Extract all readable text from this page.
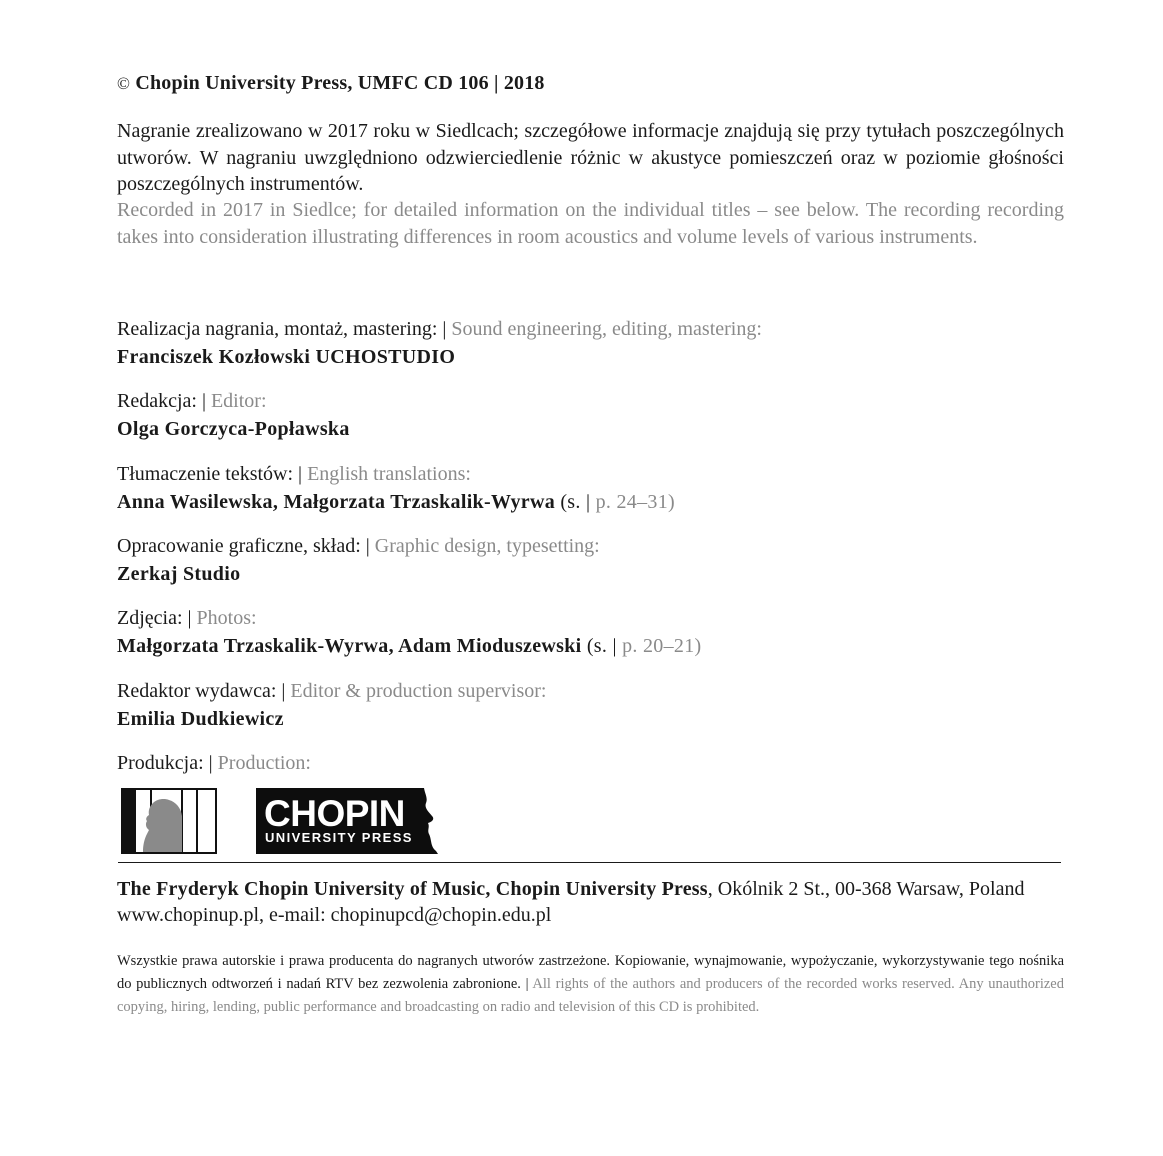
© Chopin University Press, UMFC CD 106 | 2018
Nagranie zrealizowano w 2017 roku w Siedlcach; szczegółowe informacje znajdują się przy tytułach poszczególnych utworów. W nagraniu uwzględniono odzwierciedlenie różnic w akustyce pomieszczeń oraz w poziomie głośności poszczególnych instrumentów.
Recorded in 2017 in Siedlce; for detailed information on the individual titles – see below. The recording recording takes into consideration illustrating differences in room acoustics and volume levels of various instruments.
Realizacja nagrania, montaż, mastering: | Sound engineering, editing, mastering:
Franciszek Kozłowski UCHOSTUDIO
Redakcja: | Editor:
Olga Gorczyca-Popławska
Tłumaczenie tekstów: | English translations:
Anna Wasilewska, Małgorzata Trzaskalik-Wyrwa (s. | p. 24–31)
Opracowanie graficzne, skład: | Graphic design, typesetting:
Zerkaj Studio
Zdjęcia: | Photos:
Małgorzata Trzaskalik-Wyrwa, Adam Mioduszewski (s. | p. 20–21)
Redaktor wydawca: | Editor & production supervisor:
Emilia Dudkiewicz
Produkcja: | Production:
CHOPIN
UNIVERSITY PRESS
The Fryderyk Chopin University of Music, Chopin University Press, Okólnik 2 St., 00-368 Warsaw, Poland
www.chopinup.pl, e-mail: chopinupcd@chopin.edu.pl
Wszystkie prawa autorskie i prawa producenta do nagranych utworów zastrzeżone. Kopiowanie, wynajmowanie, wypożyczanie, wykorzystywanie tego nośnika do publicznych odtworzeń i nadań RTV bez zezwolenia zabronione. | All rights of the authors and producers of the recorded works reserved. Any unauthorized copying, hiring, lending, public performance and broadcasting on radio and television of this CD is prohibited.
